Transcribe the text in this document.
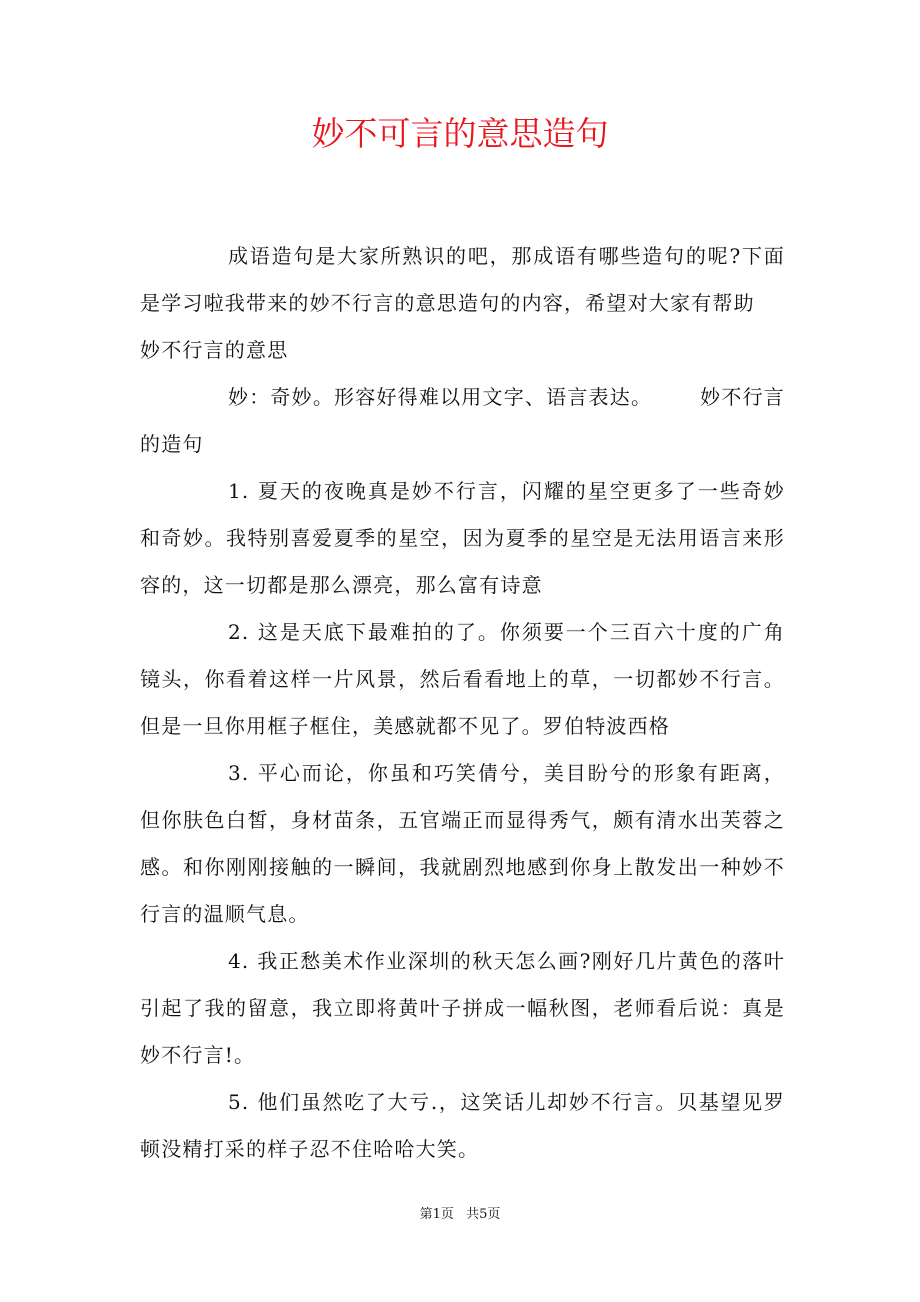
妙不可言的意思造句

成语造句是大家所熟识的吧，那成语有哪些造句的呢?下面是学习啦我带来的妙不行言的意思造句的内容，希望对大家有帮助

妙不行言的意思

妙：奇妙。形容好得难以用文字、语言表达。 妙不行言的造句

1. 夏天的夜晚真是妙不行言，闪耀的星空更多了一些奇妙和奇妙。我特别喜爱夏季的星空，因为夏季的星空是无法用语言来形容的，这一切都是那么漂亮，那么富有诗意

2. 这是天底下最难拍的了。你须要一个三百六十度的广角镜头，你看着这样一片风景，然后看看地上的草，一切都妙不行言。但是一旦你用框子框住，美感就都不见了。罗伯特波西格

3. 平心而论，你虽和巧笑倩兮，美目盼兮的形象有距离，但你肤色白皙，身材苗条，五官端正而显得秀气，颇有清水出芙蓉之感。和你刚刚接触的一瞬间，我就剧烈地感到你身上散发出一种妙不行言的温顺气息。

4. 我正愁美术作业深圳的秋天怎么画?刚好几片黄色的落叶引起了我的留意，我立即将黄叶子拼成一幅秋图，老师看后说：真是妙不行言!。

5. 他们虽然吃了大亏.，这笑话儿却妙不行言。贝基望见罗顿没精打采的样子忍不住哈哈大笑。

第1页 共5页
